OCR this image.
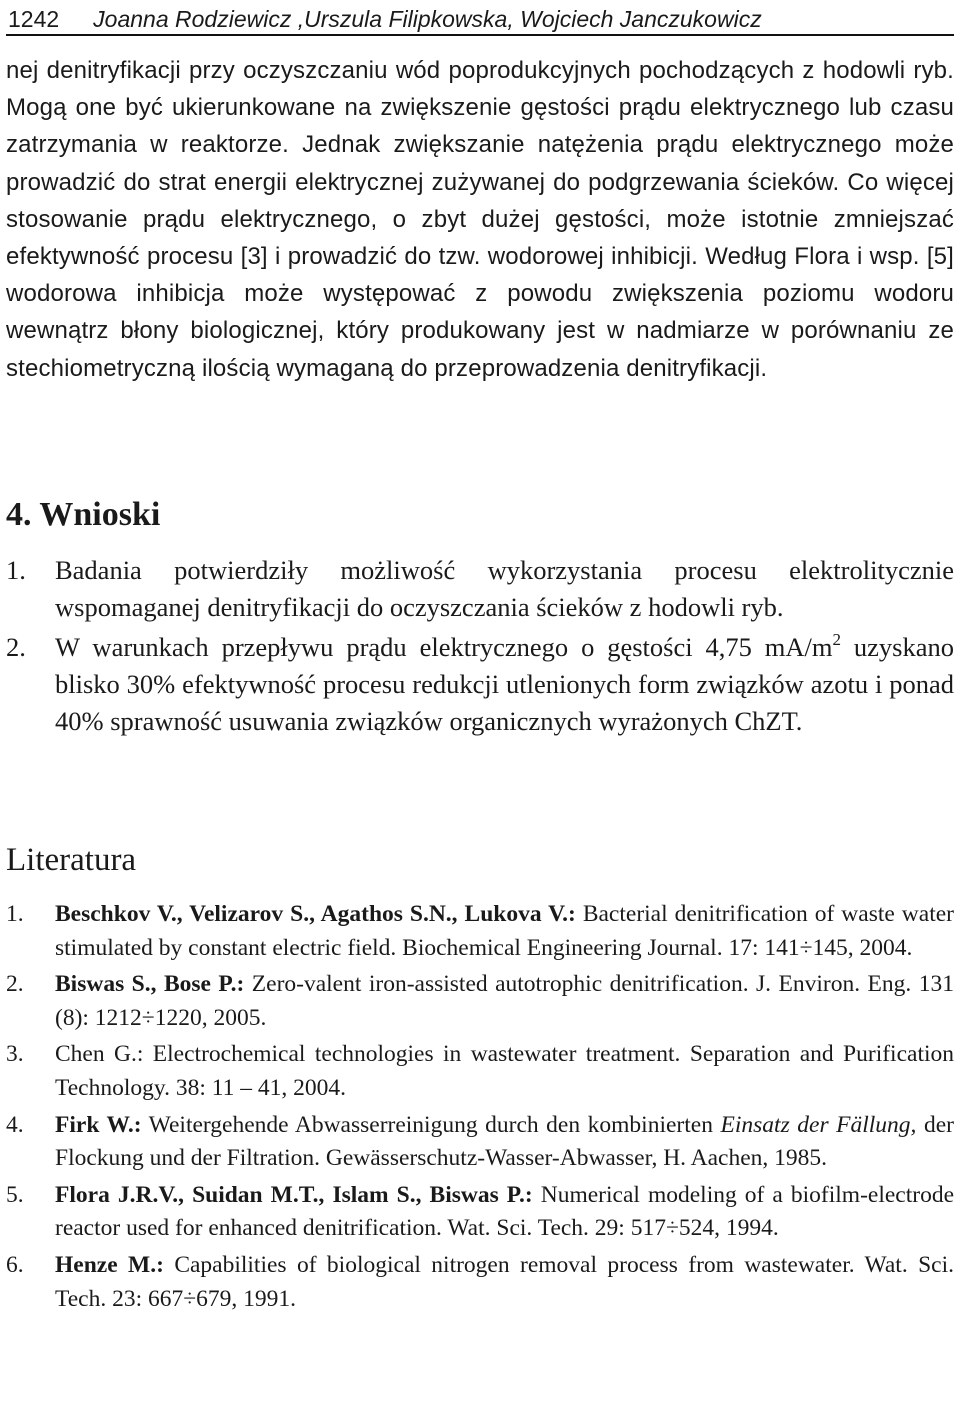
1242 Joanna Rodziewicz ,Urszula Filipkowska, Wojciech Janczukowicz

nej denitryfikacji przy oczyszczaniu wód poprodukcyjnych pochodzących z hodowli ryb. Mogą one być ukierunkowane na zwiększenie gęstości prądu elektrycznego lub czasu zatrzymania w reaktorze. Jednak zwiększanie natężenia prądu elektrycznego może prowadzić do strat energii elektrycznej zużywanej do podgrzewania ścieków. Co więcej stosowanie prądu elektrycznego, o zbyt dużej gęstości, może istotnie zmniejszać efektywność procesu [3] i prowadzić do tzw. wodorowej inhibicji. Według Flora i wsp. [5] wodorowa inhibicja może występować z powodu zwiększenia poziomu wodoru wewnątrz błony biologicznej, który produkowany jest w nadmiarze w porównaniu ze stechiometryczną ilością wymaganą do przeprowadzenia denitryfikacji.

4. Wnioski
1. Badania potwierdziły możliwość wykorzystania procesu elektrolitycznie wspomaganej denitryfikacji do oczyszczania ścieków z hodowli ryb.
2. W warunkach przepływu prądu elektrycznego o gęstości 4,75 $mA/m^2$ uzyskano blisko 30% efektywność procesu redukcji utlenionych form związków azotu i ponad 40% sprawność usuwania związków organicznych wyrażonych ChZT.
Literatura
1. Beschkov V., Velizarov S., Agathos S.N., Lukova V.: Bacterial denitrification of waste water stimulated by constant electric field. Biochemical Engineering Journal. 17: 141÷145, 2004.
2. Biswas S., Bose P.: Zero-valent iron-assisted autotrophic denitrification. J. Environ. Eng. 131 (8): 1212÷1220, 2005.
3. Chen G.: Electrochemical technologies in wastewater treatment. Separation and Purification Technology. 38: 11 – 41, 2004.
4. Firk W.: Weitergehende Abwasserreinigung durch den kombinierten Einsatz der Fällung, der Flockung und der Filtration. Gewässerschutz-Wasser-Abwasser, H. Aachen, 1985.
5. Flora J.R.V., Suidan M.T., Islam S., Biswas P.: Numerical modeling of a biofilm-electrode reactor used for enhanced denitrification. Wat. Sci. Tech. 29: 517÷524, 1994.
6. Henze M.: Capabilities of biological nitrogen removal process from wastewater. Wat. Sci. Tech. 23: 667÷679, 1991.
